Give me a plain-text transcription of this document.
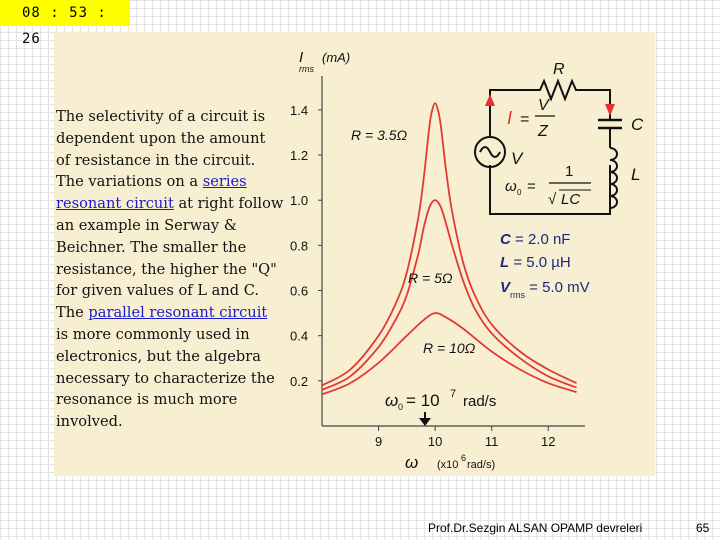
08 : 53 : 26

The selectivity of a circuit is dependent upon the amount of resistance in the circuit. The variations on a series resonant circuit at right follow an example in Serway & Beichner. The smaller the resistance, the higher the "Q" for given values of L and C. The parallel resonant circuit is more commonly used in electronics, but the algebra necessary to characterize the resonance is much more involved.

I
rms
(mA)
0.2
0.4
0.6
0.8
1.0
1.2
1.4
9	10	11	12
R = 3.5Ω
R = 5Ω
R = 10Ω
ω 0 = 10 7 rad/s
ω (x10
6
rad/s)
R
C
L
I =
V
Z
V
ω 0 =
1
√ LC
C = 2.0 nF
L = 5.0 µH
$V_{rms} = 5.0$ mV
Prof.Dr.Sezgin ALSAN OPAMP devreleri	65
